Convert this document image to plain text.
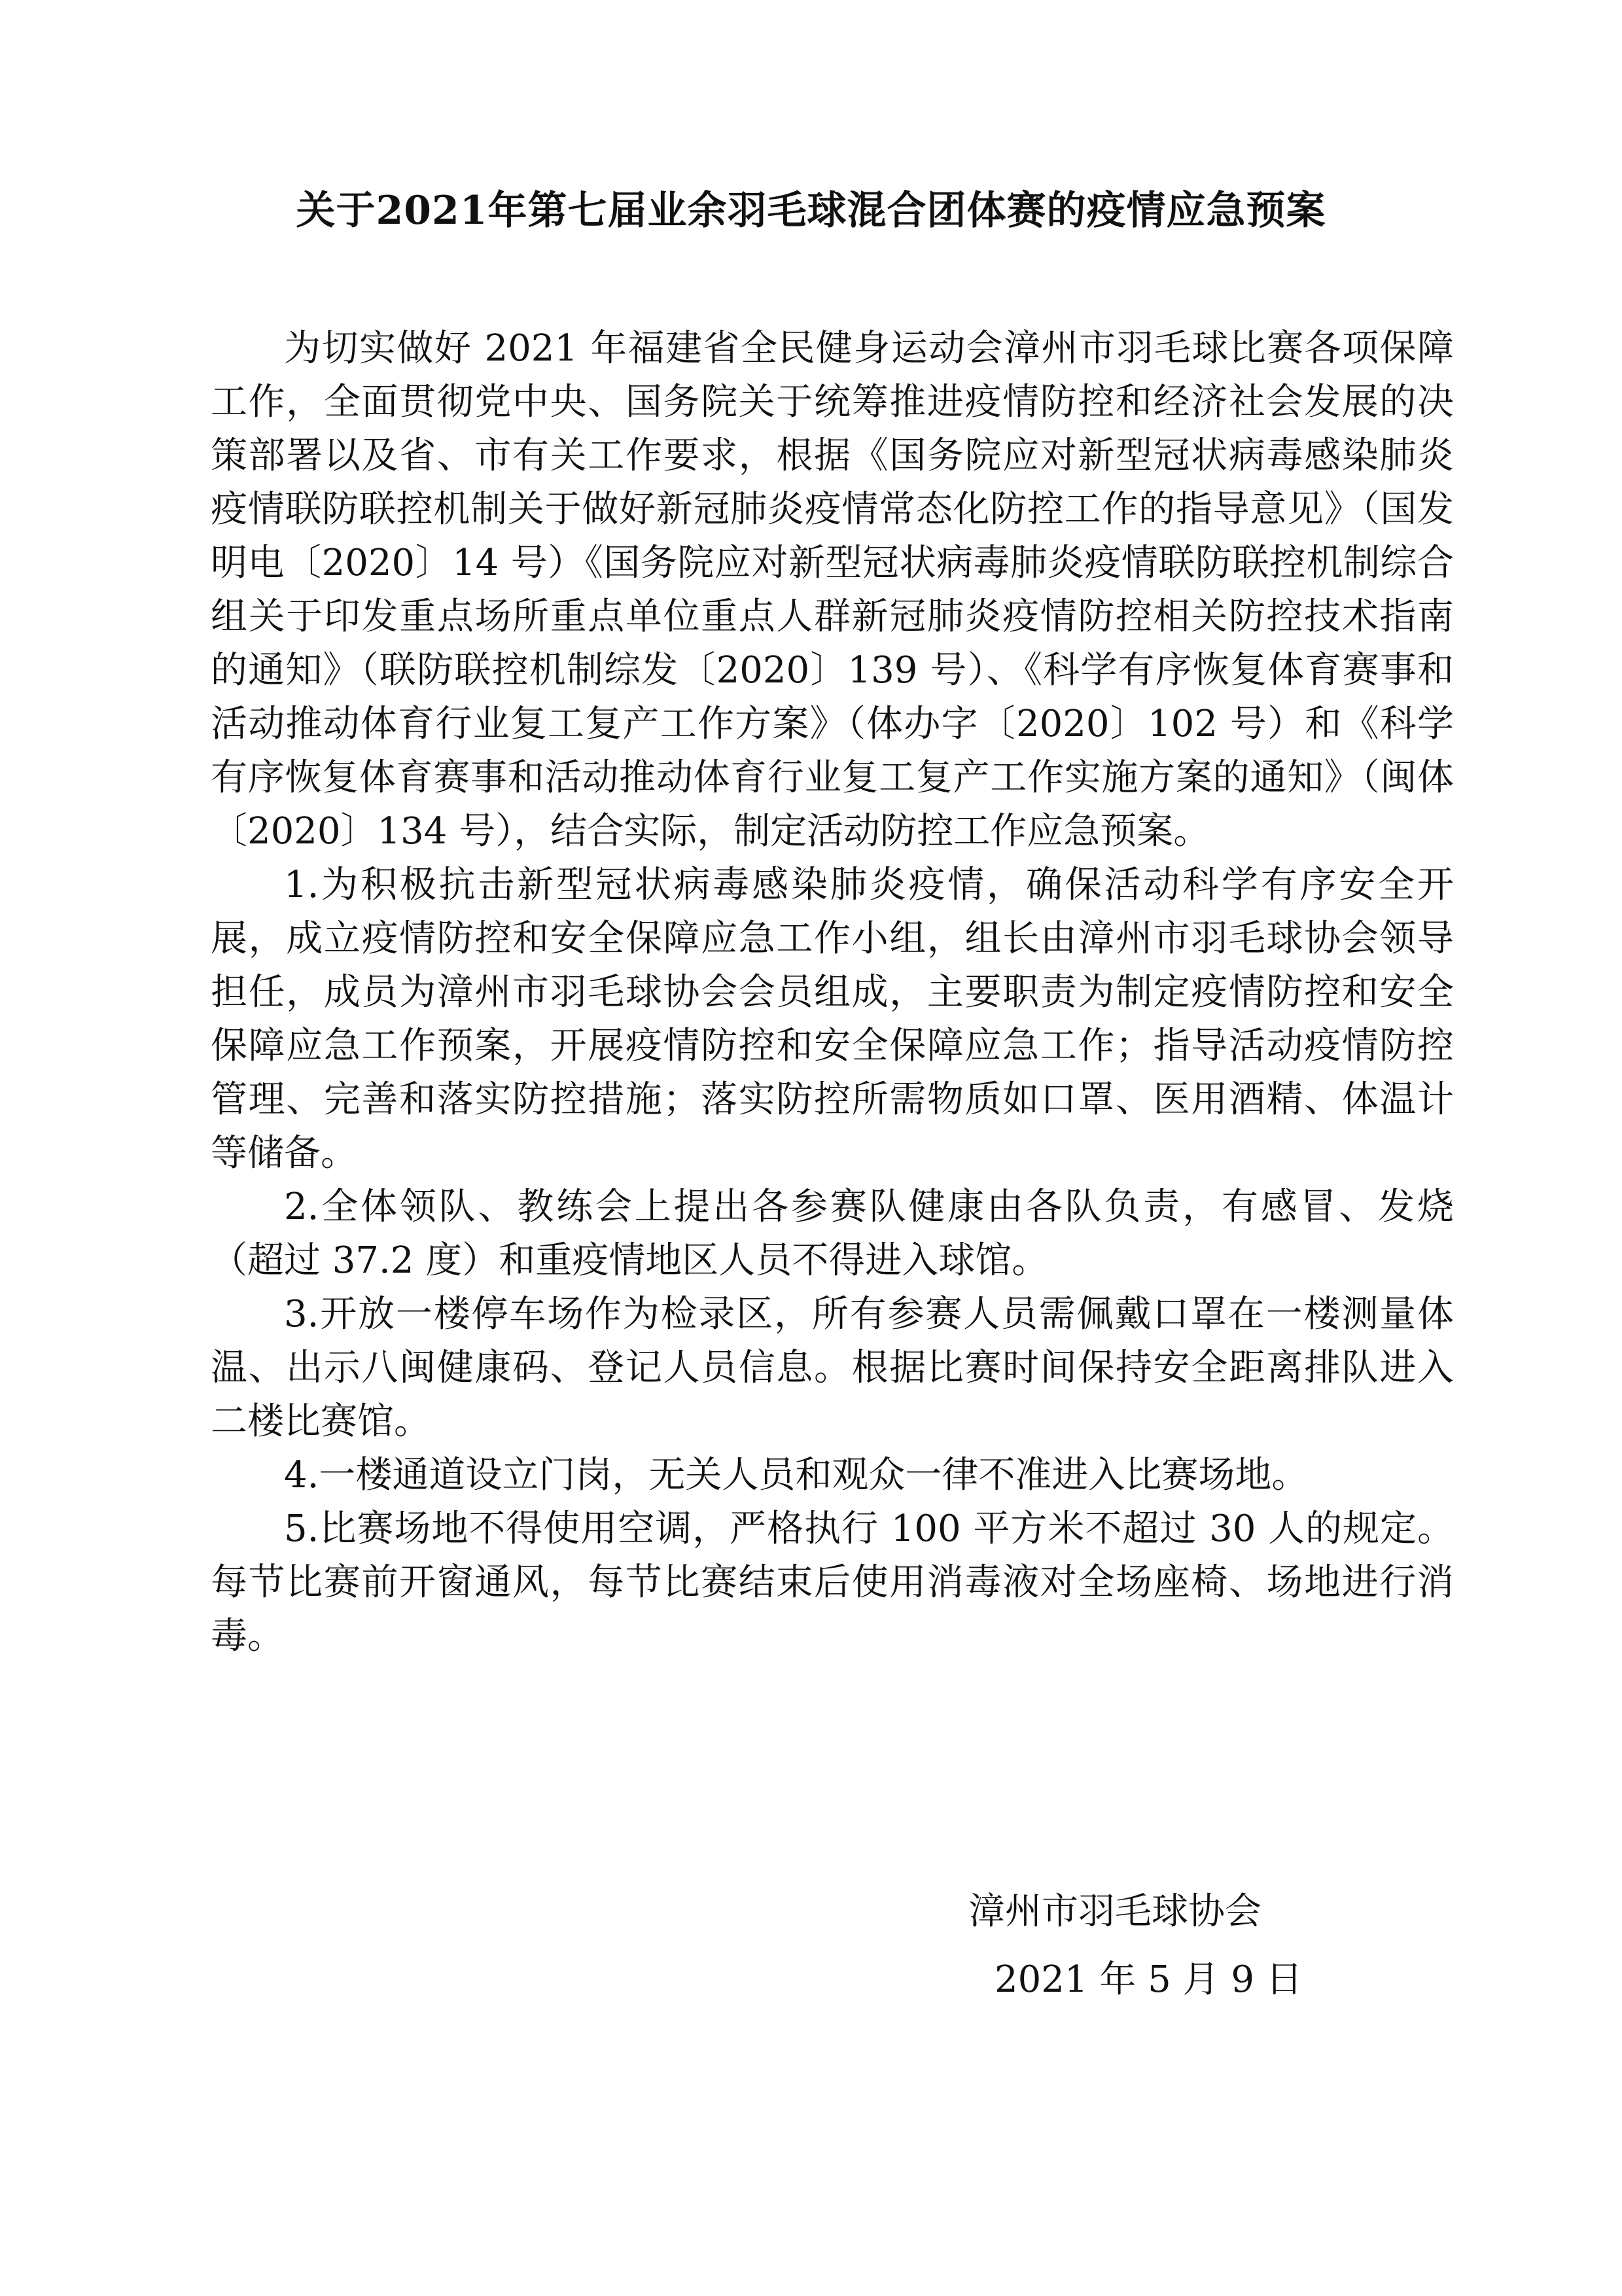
关于2021年第七届业余羽毛球混合团体赛的疫情应急预案

为切实做好 2021 年福建省全民健身运动会漳州市羽毛球比赛各项保障工作，全面贯彻党中央、国务院关于统筹推进疫情防控和经济社会发展的决策部署以及省、市有关工作要求，根据《国务院应对新型冠状病毒感染肺炎疫情联防联控机制关于做好新冠肺炎疫情常态化防控工作的指导意见》（国发明电〔2020〕14 号）《国务院应对新型冠状病毒肺炎疫情联防联控机制综合组关于印发重点场所重点单位重点人群新冠肺炎疫情防控相关防控技术指南的通知》（联防联控机制综发〔2020〕139 号）、《科学有序恢复体育赛事和活动推动体育行业复工复产工作方案》（体办字〔2020〕102 号）和《科学有序恢复体育赛事和活动推动体育行业复工复产工作实施方案的通知》（闽体〔2020〕134 号），结合实际，制定活动防控工作应急预案。

1.为积极抗击新型冠状病毒感染肺炎疫情，确保活动科学有序安全开展，成立疫情防控和安全保障应急工作小组，组长由漳州市羽毛球协会领导担任，成员为漳州市羽毛球协会会员组成，主要职责为制定疫情防控和安全保障应急工作预案，开展疫情防控和安全保障应急工作；指导活动疫情防控管理、完善和落实防控措施；落实防控所需物质如口罩、医用酒精、体温计等储备。

2.全体领队、教练会上提出各参赛队健康由各队负责，有感冒、发烧（超过 37.2 度）和重疫情地区人员不得进入球馆。

3.开放一楼停车场作为检录区，所有参赛人员需佩戴口罩在一楼测量体温、出示八闽健康码、登记人员信息。根据比赛时间保持安全距离排队进入二楼比赛馆。

4.一楼通道设立门岗，无关人员和观众一律不准进入比赛场地。

5.比赛场地不得使用空调，严格执行 100 平方米不超过 30 人的规定。每节比赛前开窗通风，每节比赛结束后使用消毒液对全场座椅、场地进行消毒。

漳州市羽毛球协会
2021 年 5 月 9 日
